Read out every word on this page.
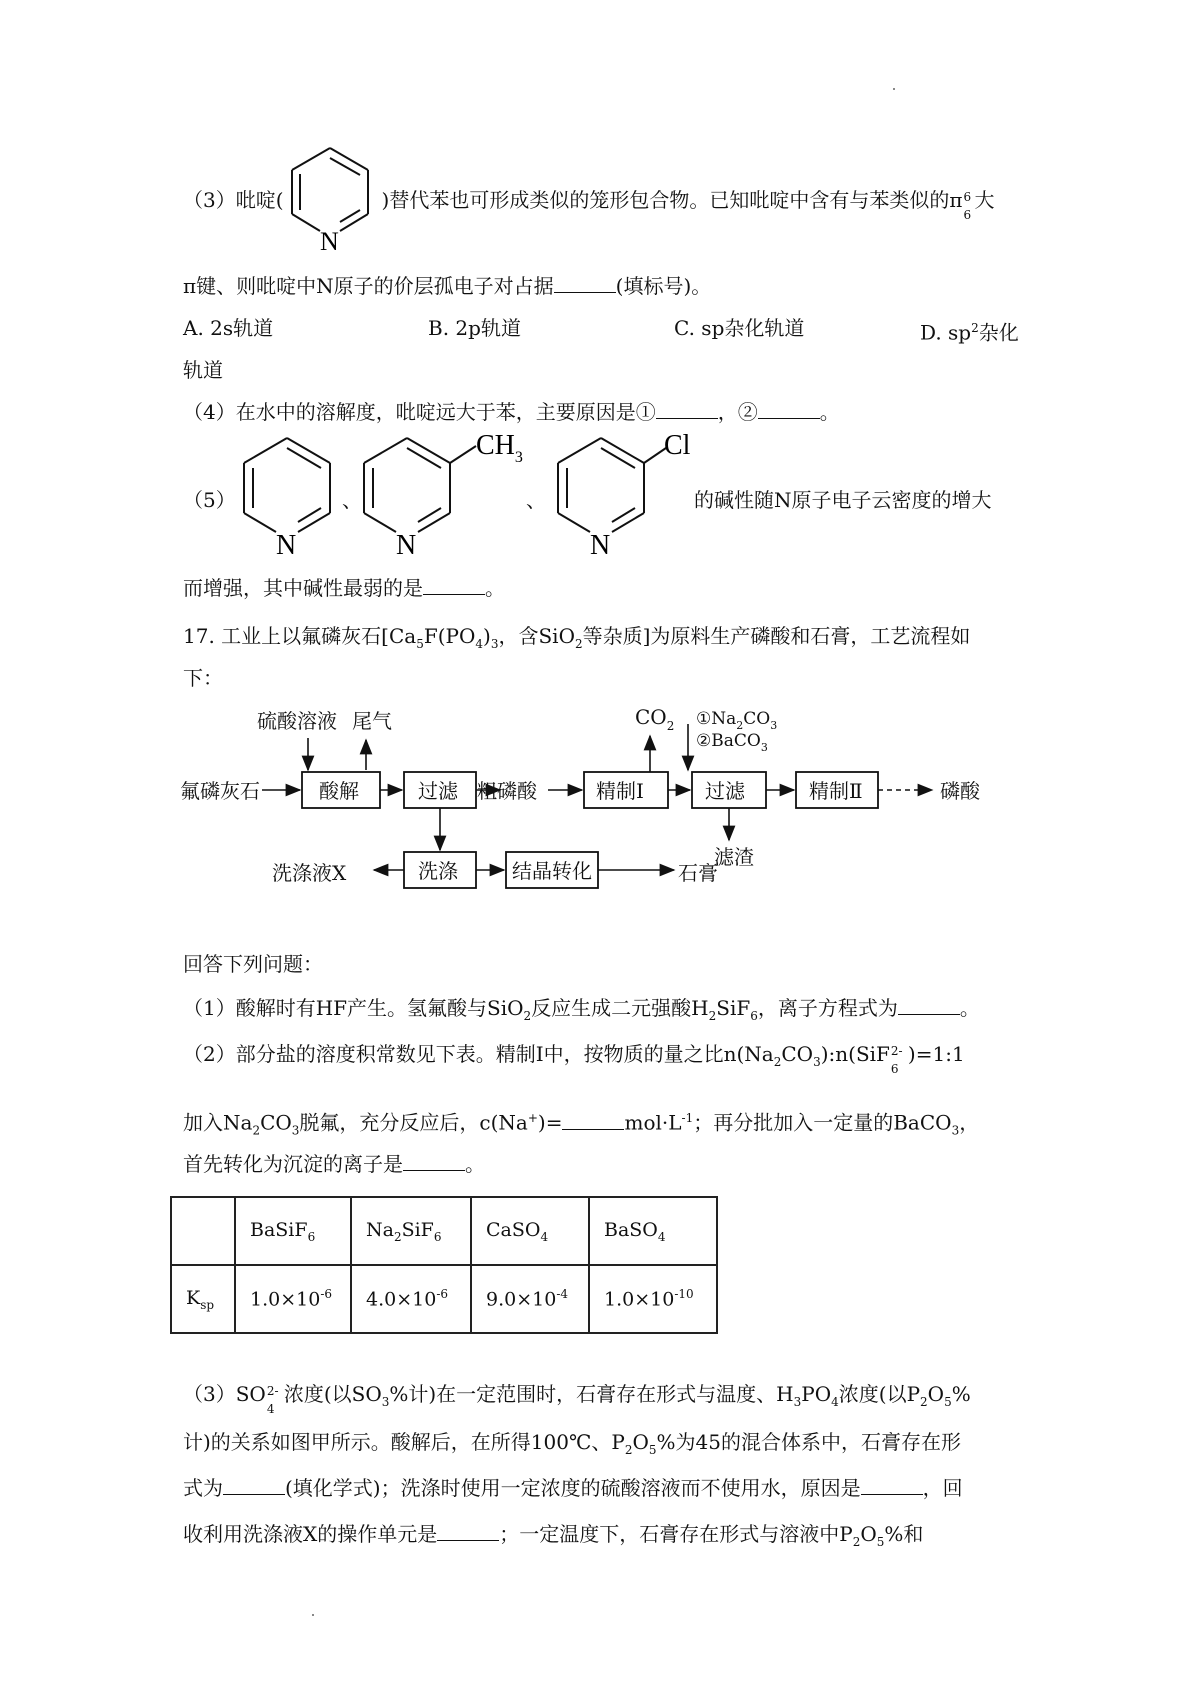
（3）吡啶(	)替代苯也可形成类似的笼形包合物。已知吡啶中含有与苯类似的π 6
6
大
N
π键、则吡啶中N原子的价层孤电子对占据	(填标号)。
A. 2s轨道	B. 2p轨道	C. sp杂化轨道	D. $sp^2$杂化
轨道
（4）在水中的溶解度，吡啶远大于苯，主要原因是①	，②	。
（5）
N
、
N
$CH_3$
、
N
Cl
的碱性随N原子电子云密度的增大
而增强，其中碱性最弱的是	。
17. 工业上以氟磷灰石[$Ca_5F(PO_4)_3$，含SiO$_2$等杂质]为原料生产磷酸和石膏，工艺流程如
下：
氟磷灰石
硫酸溶液 尾气
粗磷酸
$CO_2$ $①Na_2CO_3$
②BaCO$_3$
滤渣
磷酸
洗涤液X	石膏
酸解	过滤	精制Ⅰ	过滤	精制Ⅱ
洗涤	结晶转化
回答下列问题：
（1）酸解时有HF产生。氢氟酸与SiO$_2$反应生成二元强酸$H_2SiF_6$，离子方程式为	。
（2）部分盐的溶度积常数见下表。精制Ⅰ中，按物质的量之比$n(Na_2CO_3):n(SiF$ 2-
6
)=1:1
加入$Na_2CO_3$脱氟，充分反应后，c(Na+)=	$mol\cdot L^{-1}$；再分批加入一定量的BaCO$_3$，
首先转化为沉淀的离子是	。
	BaSiF$_6$	$Na_2SiF_6$	CaSO$_4$	BaSO$_4$
$K_{sp}$	$1.0\times 10^{-6}$	$4.0\times 10^{-6}$	$9.0\times 10^{-4}$	$1.0\times 10^{-10}$
（3）SO 2-
4
浓度(以$SO_3\%$计)在一定范围时，石膏存在形式与温度、$H_3PO_4$浓度(以$P_2O_5\%$
计)的关系如图甲所示。酸解后，在所得100℃、$P_2O_5\%$为45的混合体系中，石膏存在形
式为	(填化学式)；洗涤时使用一定浓度的硫酸溶液而不使用水，原因是	，回
收利用洗涤液X的操作单元是	；一定温度下，石膏存在形式与溶液中$P_2O_5\%$和
